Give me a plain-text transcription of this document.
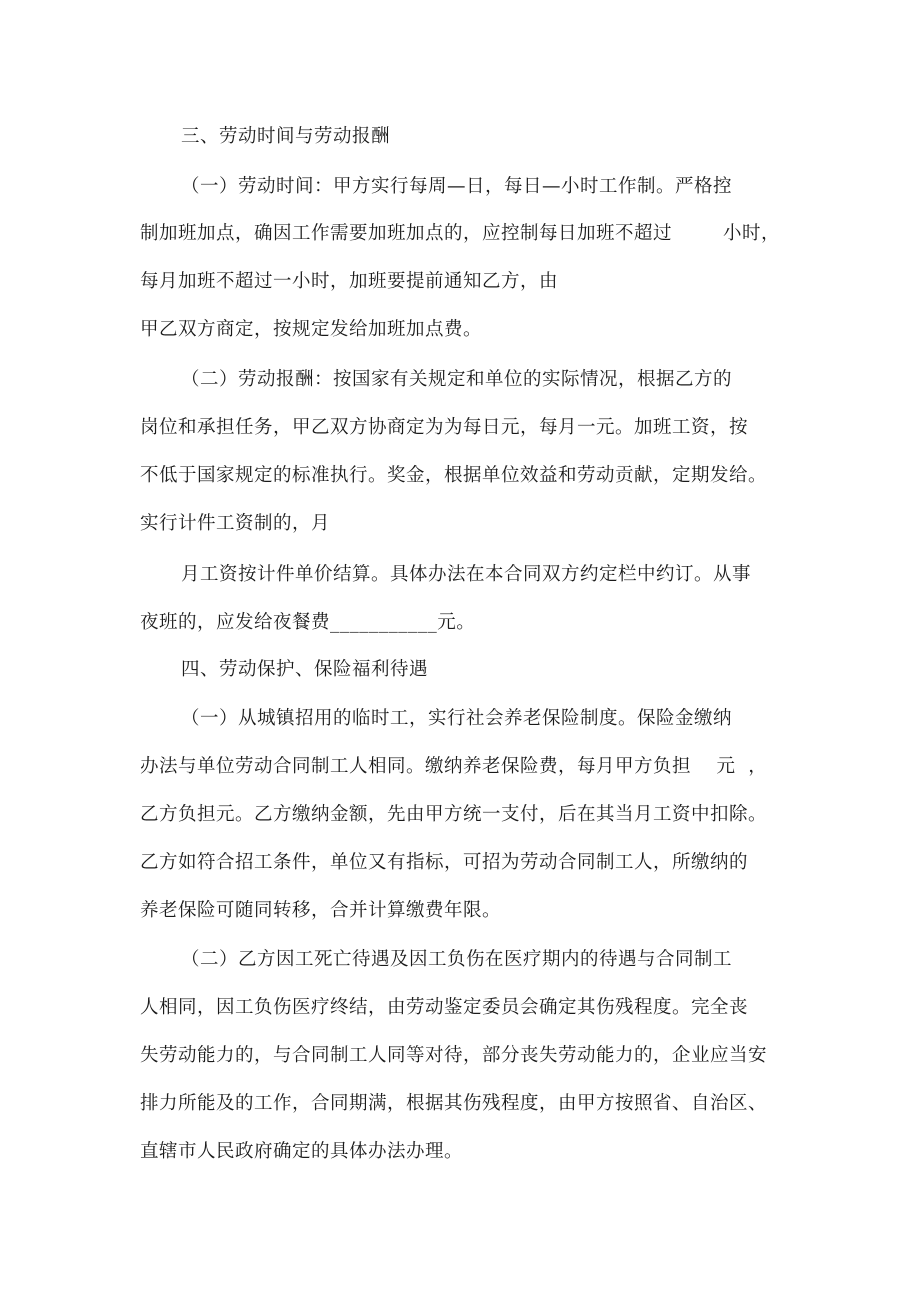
三、劳动时间与劳动报酬
（一）劳动时间：甲方实行每周—日，每日—小时工作制。严格控
制加班加点，确因工作需要加班加点的，应控制每日加班不超过        小时，
每月加班不超过一小时，加班要提前通知乙方，由
甲乙双方商定，按规定发给加班加点费。
（二）劳动报酬：按国家有关规定和单位的实际情况，根据乙方的
岗位和承担任务，甲乙双方协商定为为每日元，每月一元。加班工资，按
不低于国家规定的标准执行。奖金，根据单位效益和劳动贡献，定期发给。
实行计件工资制的，月
月工资按计件单价结算。具体办法在本合同双方约定栏中约订。从事
夜班的，应发给夜餐费___________元。
四、劳动保护、保险福利待遇
（一）从城镇招用的临时工，实行社会养老保险制度。保险金缴纳
办法与单位劳动合同制工人相同。缴纳养老保险费，每月甲方负担    元  ，
乙方负担元。乙方缴纳金额，先由甲方统一支付，后在其当月工资中扣除。
乙方如符合招工条件，单位又有指标，可招为劳动合同制工人，所缴纳的
养老保险可随同转移，合并计算缴费年限。
（二）乙方因工死亡待遇及因工负伤在医疗期内的待遇与合同制工
人相同，因工负伤医疗终结，由劳动鉴定委员会确定其伤残程度。完全丧
失劳动能力的，与合同制工人同等对待，部分丧失劳动能力的，企业应当安
排力所能及的工作，合同期满，根据其伤残程度，由甲方按照省、自治区、
直辖市人民政府确定的具体办法办理。
